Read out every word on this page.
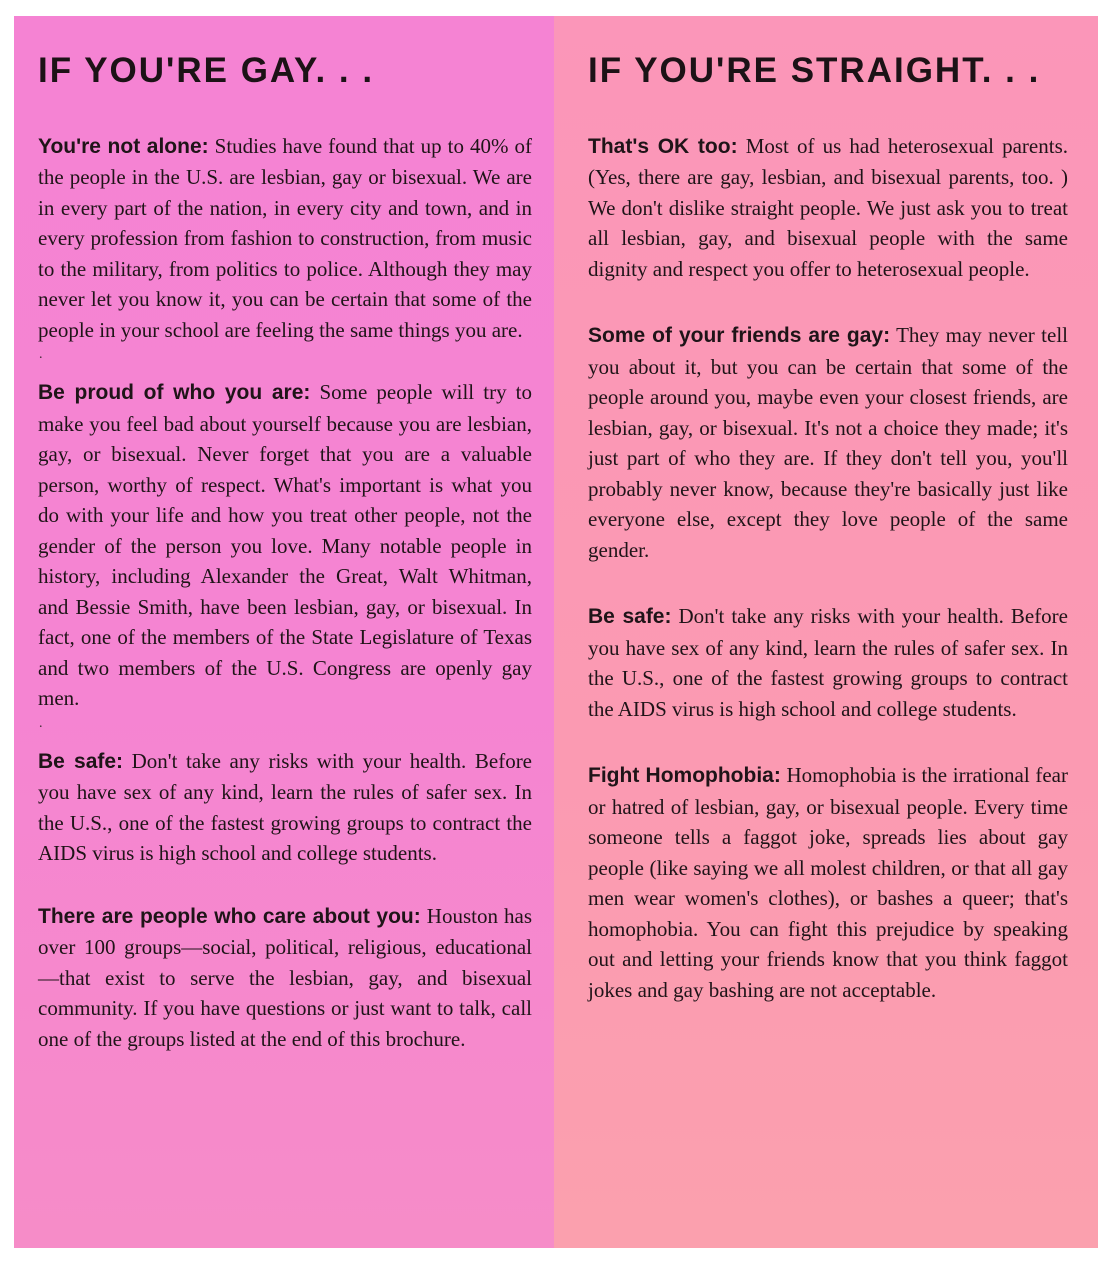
IF YOU'RE GAY. . .

You're not alone: Studies have found that up to 40% of the people in the U.S. are lesbian, gay or bisexual. We are in every part of the nation, in every city and town, and in every profession from fashion to construction, from music to the military, from politics to police. Although they may never let you know it, you can be certain that some of the people in your school are feeling the same things you are.

.

Be proud of who you are: Some people will try to make you feel bad about yourself because you are lesbian, gay, or bisexual. Never forget that you are a valuable person, worthy of respect. What's important is what you do with your life and how you treat other people, not the gender of the person you love. Many notable people in history, including Alexander the Great, Walt Whitman, and Bessie Smith, have been lesbian, gay, or bisexual. In fact, one of the members of the State Legislature of Texas and two members of the U.S. Congress are openly gay men.

.

Be safe: Don't take any risks with your health. Before you have sex of any kind, learn the rules of safer sex. In the U.S., one of the fastest growing groups to contract the AIDS virus is high school and college students.

There are people who care about you: Houston has over 100 groups—social, political, religious, educational—that exist to serve the lesbian, gay, and bisexual community. If you have questions or just want to talk, call one of the groups listed at the end of this brochure.

IF YOU'RE STRAIGHT. . .

That's OK too: Most of us had heterosexual parents. (Yes, there are gay, lesbian, and bisexual parents, too. ) We don't dislike straight people. We just ask you to treat all lesbian, gay, and bisexual people with the same dignity and respect you offer to heterosexual people.

Some of your friends are gay: They may never tell you about it, but you can be certain that some of the people around you, maybe even your closest friends, are lesbian, gay, or bisexual. It's not a choice they made; it's just part of who they are. If they don't tell you, you'll probably never know, because they're basically just like everyone else, except they love people of the same gender.

Be safe: Don't take any risks with your health. Before you have sex of any kind, learn the rules of safer sex. In the U.S., one of the fastest growing groups to contract the AIDS virus is high school and college students.

Fight Homophobia: Homophobia is the irrational fear or hatred of lesbian, gay, or bisexual people. Every time someone tells a faggot joke, spreads lies about gay people (like saying we all molest children, or that all gay men wear women's clothes), or bashes a queer; that's homophobia. You can fight this prejudice by speaking out and letting your friends know that you think faggot jokes and gay bashing are not acceptable.
